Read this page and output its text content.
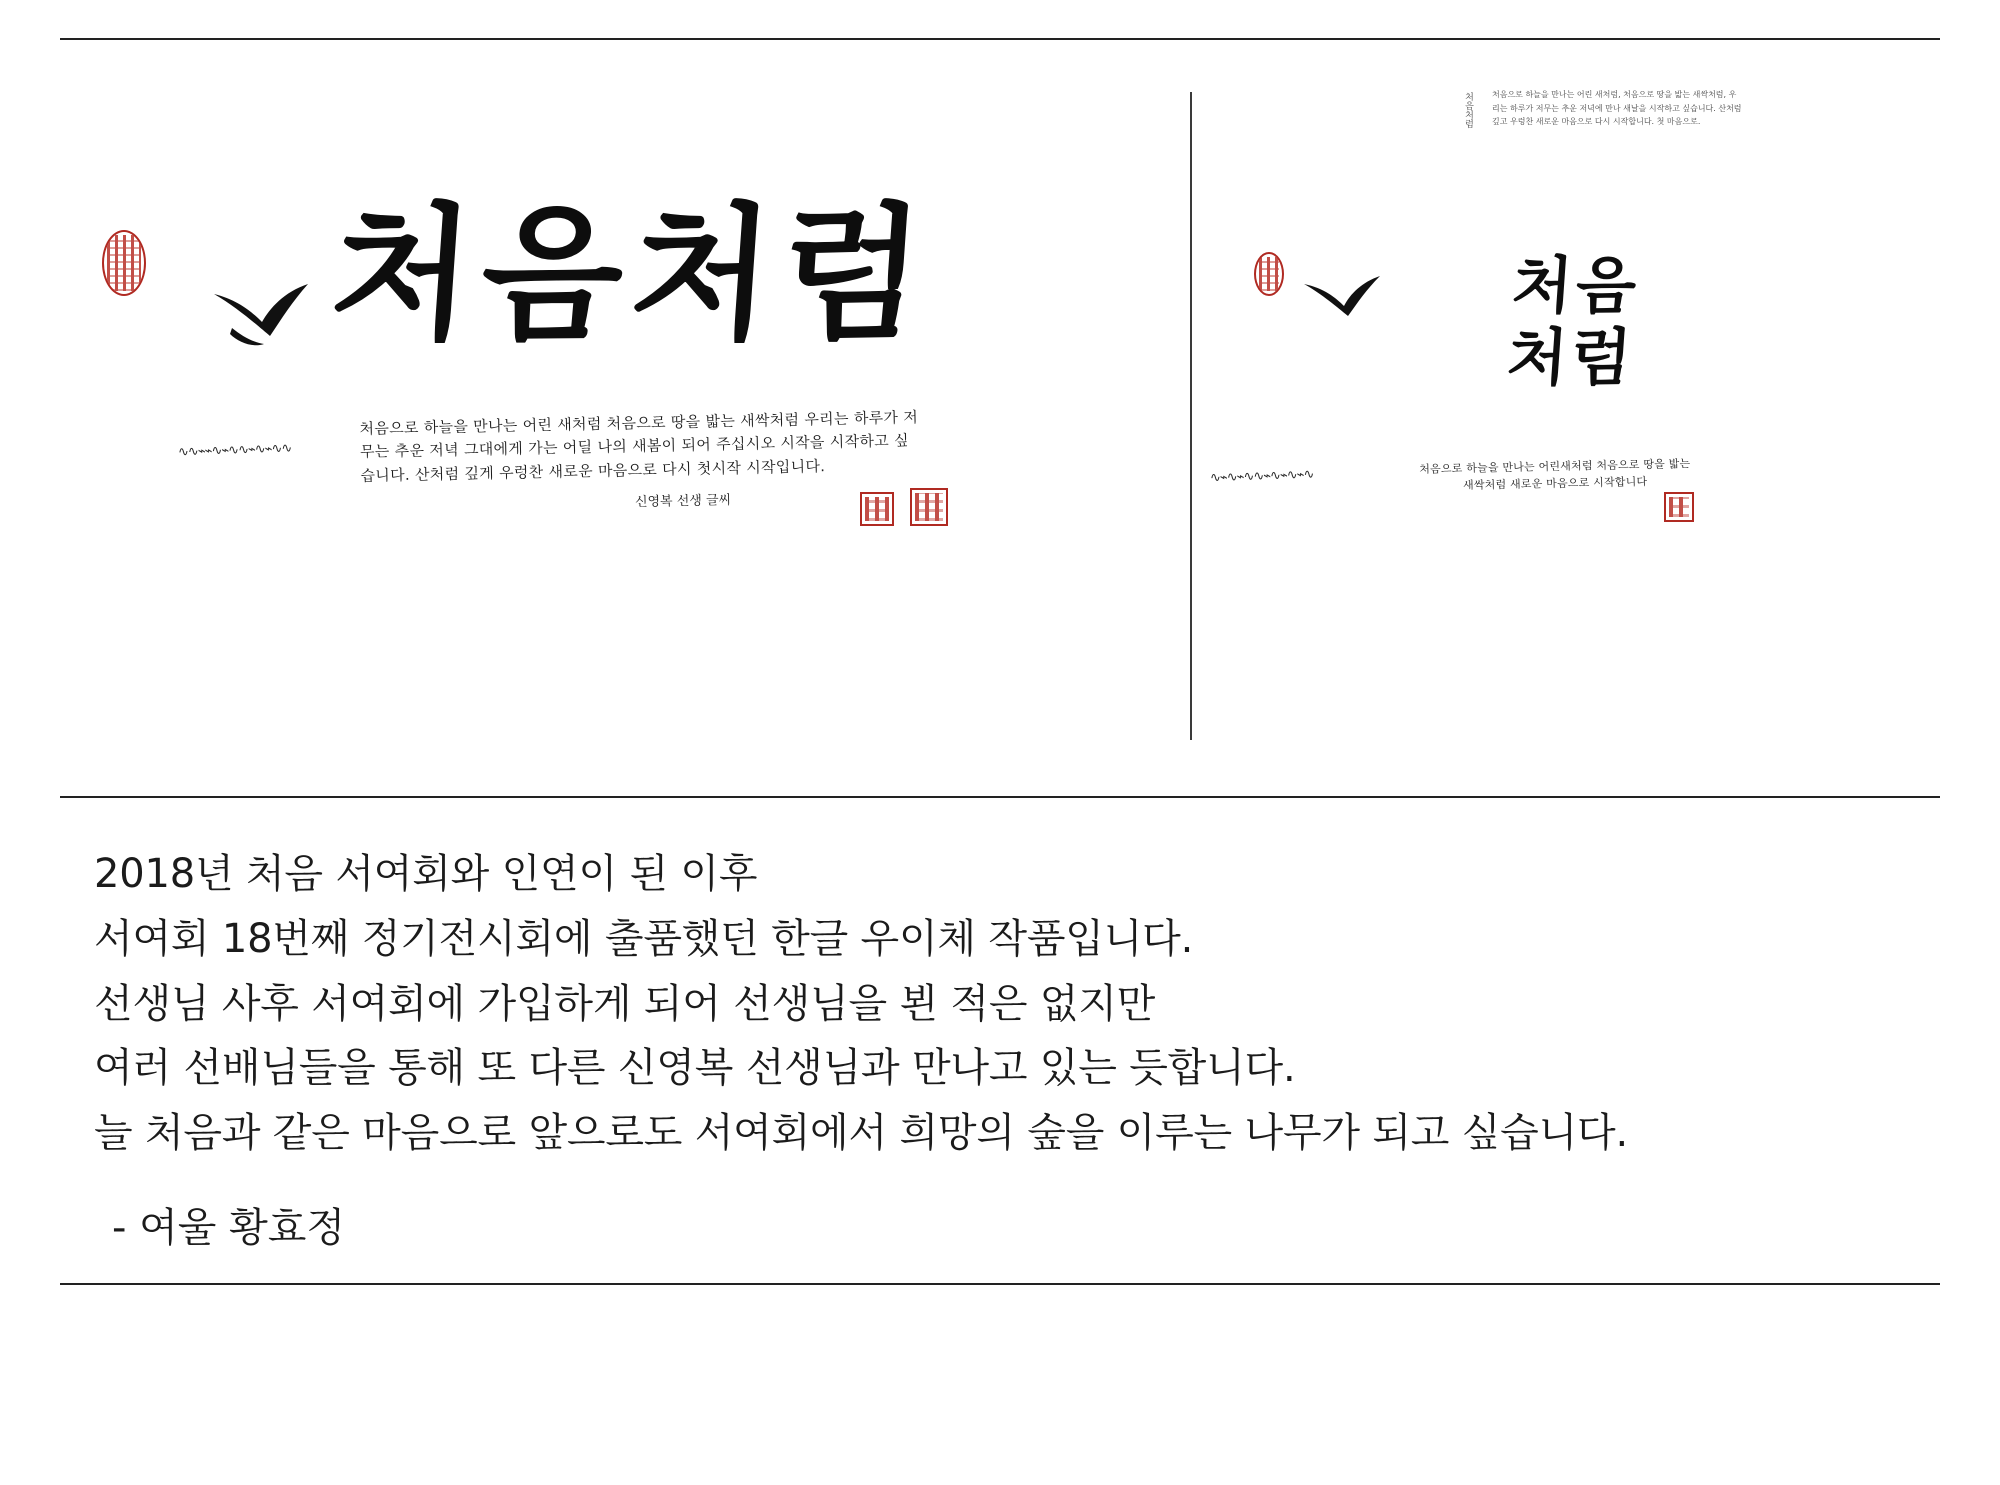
처음처럼
처음으로 하늘을 만나는 어린 새처럼 처음으로 땅을 밟는 새싹처럼 우리는 하루가 저무는 추운 저녁 그대에게 가는 어딜 나의 새봄이 되어 주십시오 시작을 시작하고 싶습니다. 산처럼 깊게 우렁찬 새로운 마음으로 다시 첫시작 시작입니다.
신영복 선생 글씨
∿∿⌁⌁∿⌁∿∿⌁∿⌁∿∿
처음처럼 처음으로 하늘을 만나는 어린 새처럼, 처음으로 땅을 밟는 새싹처럼, 우리는 하루가 저무는 추운 저녁에 만나 새날을 시작하고 싶습니다. 산처럼 깊고 우렁찬 새로운 마음으로 다시 시작합니다. 첫 마음으로.
처음
처럼
처음으로 하늘을 만나는 어린새처럼 처음으로 땅을 밟는 새싹처럼 새로운 마음으로 시작합니다
∿⌁∿⌁∿∿⌁∿⌁∿⌁∿
2018년 처음 서여회와 인연이 된 이후
서여회 18번째 정기전시회에 출품했던 한글 우이체 작품입니다.
선생님 사후 서여회에 가입하게 되어 선생님을 뵌 적은 없지만
여러 선배님들을 통해 또 다른 신영복 선생님과 만나고 있는 듯합니다.
늘 처음과 같은 마음으로 앞으로도 서여회에서 희망의 숲을 이루는 나무가 되고 싶습니다.
- 여울 황효정
